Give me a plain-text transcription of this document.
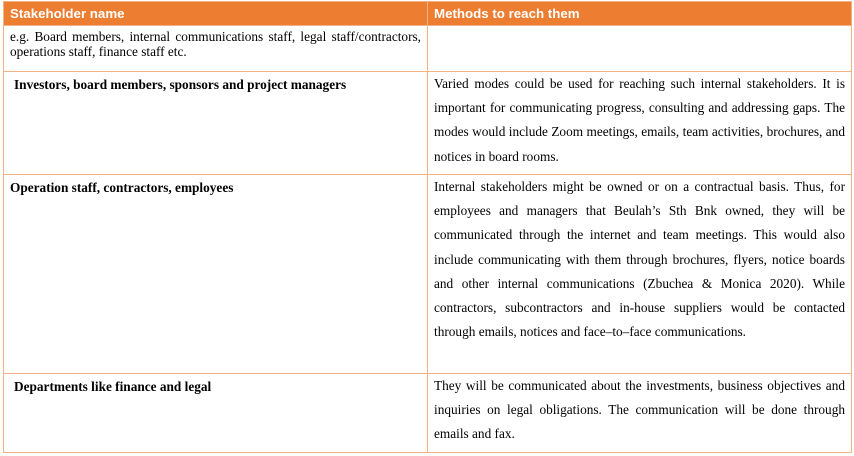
Stakeholder name	Methods to reach them
e.g. Board members, internal communications staff, legal staff/contractors, operations staff, finance staff etc.	

Investors, board members, sponsors and project managers	Varied modes could be used for reaching such internal stakeholders. It is important for communicating progress, consulting and addressing gaps. The modes would include Zoom meetings, emails, team activities, brochures, and notices in board rooms.

Operation staff, contractors, employees	Internal stakeholders might be owned or on a contractual basis. Thus, for employees and managers that Beulah’s Sth Bnk owned, they will be communicated through the internet and team meetings. This would also include communicating with them through brochures, flyers, notice boards and other internal communications (Zbuchea & Monica 2020). While contractors, subcontractors and in-house suppliers would be contacted through emails, notices and face–to–face communications.

Departments like finance and legal	They will be communicated about the investments, business objectives and inquiries on legal obligations. The communication will be done through emails and fax.
